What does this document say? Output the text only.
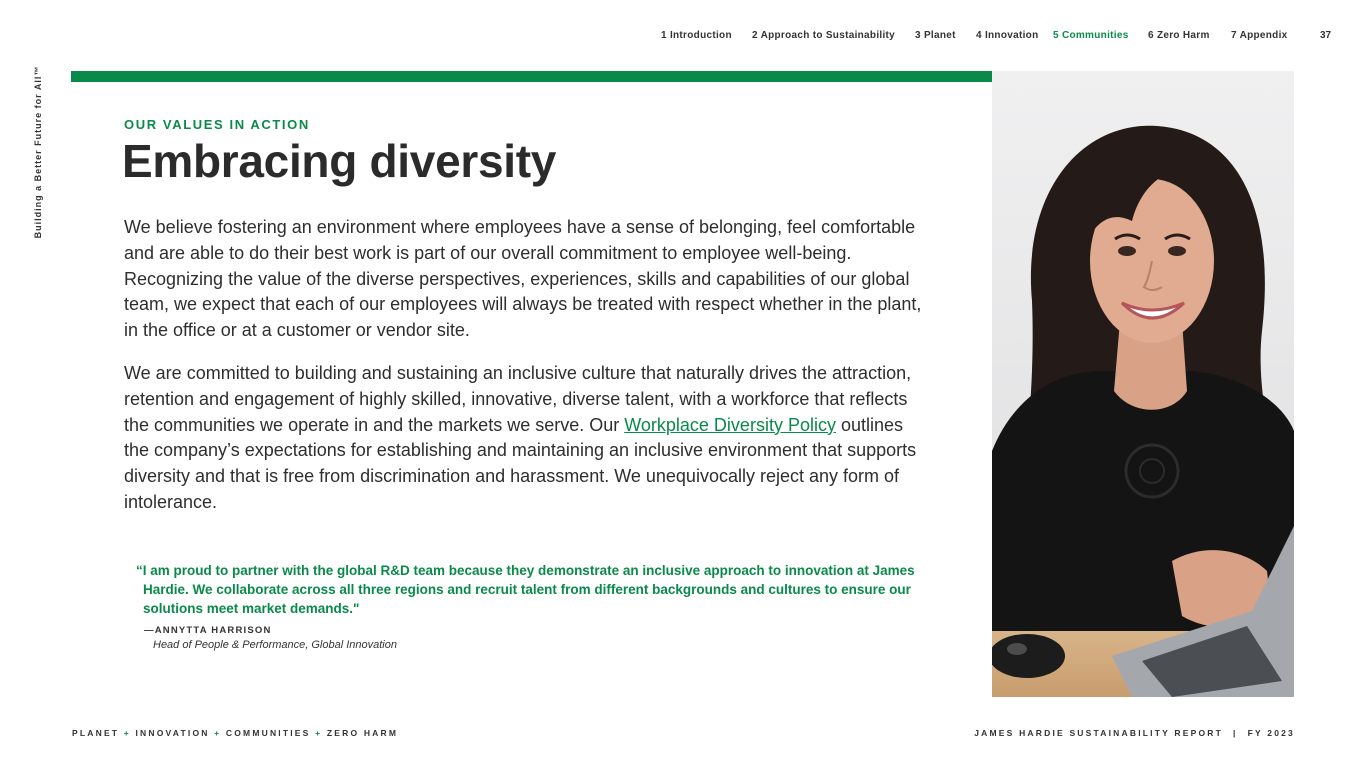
1 Introduction 2 Approach to Sustainability 3 Planet 4 Innovation 5 Communities 6 Zero Harm 7 Appendix	37
Building a Better Future for All™	OUR VALUES IN ACTION
Embracing diversity

We believe fostering an environment where employees have a sense of belonging, feel comfortable and are able to do their best work is part of our overall commitment to employee well-being. Recognizing the value of the diverse perspectives, experiences, skills and capabilities of our global team, we expect that each of our employees will always be treated with respect whether in the plant, in the office or at a customer or vendor site.

We are committed to building and sustaining an inclusive culture that naturally drives the attraction, retention and engagement of highly skilled, innovative, diverse talent, with a workforce that reflects the communities we operate in and the markets we serve. Our Workplace Diversity Policy outlines the company’s expectations for establishing and maintaining an inclusive environment that supports diversity and that is free from discrimination and harassment. We unequivocally reject any form of intolerance.

“I am proud to partner with the global R&D team because they demonstrate an inclusive approach to innovation at James Hardie. We collaborate across all three regions and recruit talent from different backgrounds and cultures to ensure our solutions meet market demands."
—ANNYTTA HARRISON
Head of People & Performance, Global Innovation
PLANET + INNOVATION + COMMUNITIES + ZERO HARM	JAMES HARDIE SUSTAINABILITY REPORT | FY 2023
